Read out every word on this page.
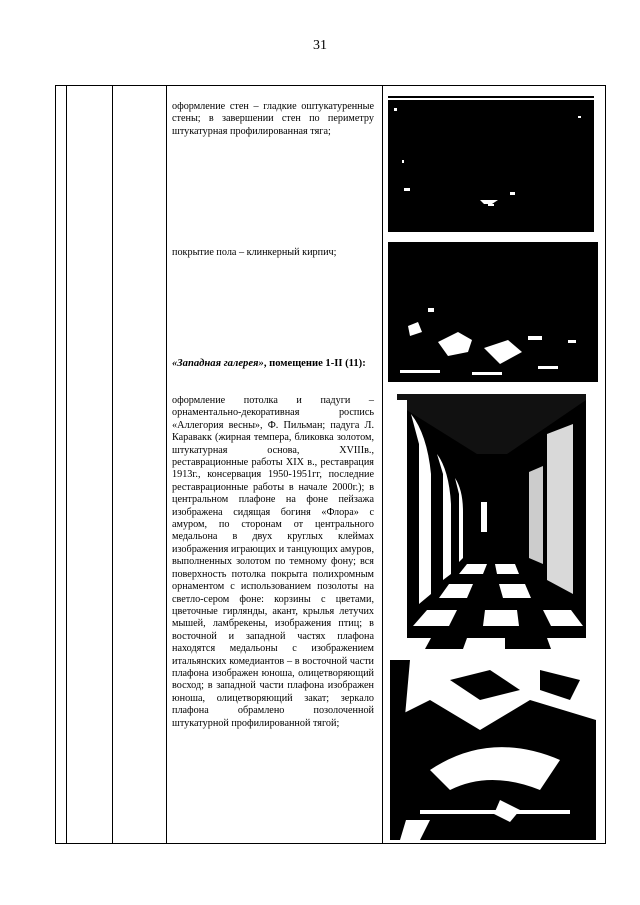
31

оформление стен – гладкие оштукатуренные стены; в завершении стен по периметру штукатурная профилированная тяга;

покрытие пола – клинкерный кирпич;

«Западная галерея», помещение 1-II (11):

оформление потолка и падуги – орнаментально-декоративная роспись «Аллегория весны», Ф. Пильман; падуга Л. Каравакк (жирная темпера, бликовка золотом, штукатурная основа, XVIIIв., реставрационные работы XIX в., реставрация 1913г., консервация 1950-1951гг, последние реставрационные работы в начале 2000г.); в центральном плафоне на фоне пейзажа изображена сидящая богиня «Флора» с амуром, по сторонам от центрального медальона в двух круглых клеймах изображения играющих и танцующих амуров, выполненных золотом по темному фону; вся поверхность потолка покрыта полихромным орнаментом с использованием позолоты на светло-сером фоне: корзины с цветами, цветочные гирлянды, акант, крылья летучих мышей, ламбрекены, изображения птиц; в восточной и западной частях плафона находятся медальоны с изображением итальянских комедиантов – в восточной части плафона изображен юноша, олицетворяющий восход; в западной части плафона изображен юноша, олицетворяющий закат; зеркало плафона обрамлено позолоченной штукатурной профилированной тягой;
